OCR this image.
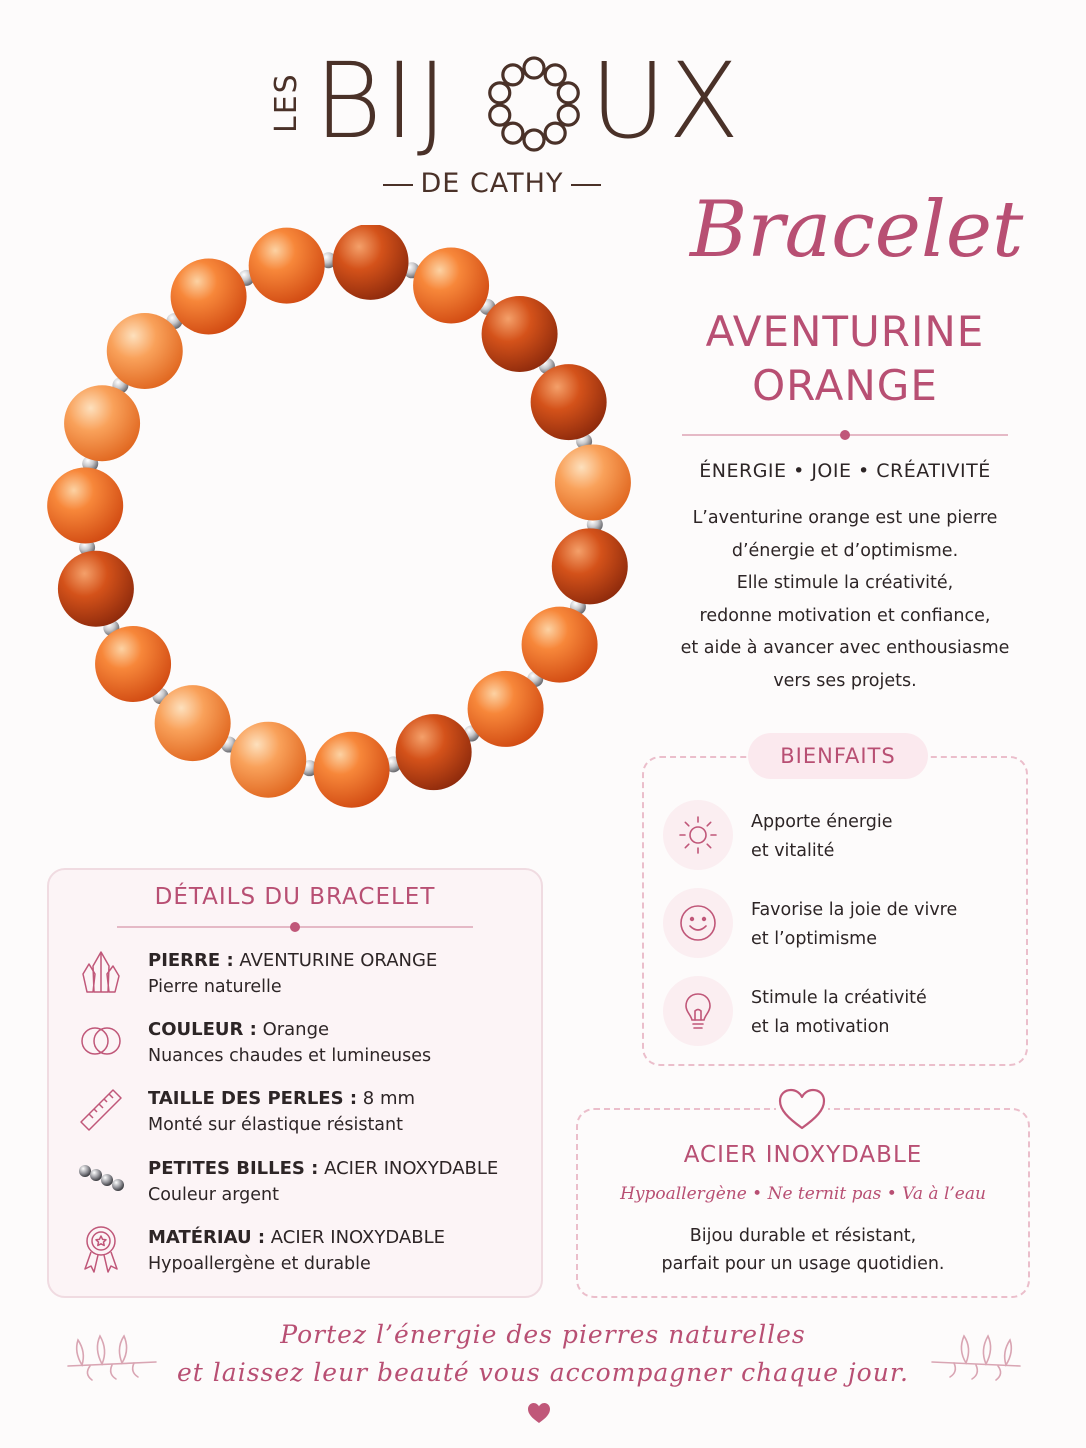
LES BIJ UX
DE CATHY
Bracelet
AVENTURINE
ORANGE
ÉNERGIE • JOIE • CRÉATIVITÉ
L’aventurine orange est une pierre
d’énergie et d’optimisme.
Elle stimule la créativité,
redonne motivation et confiance,
et aide à avancer avec enthousiasme
vers ses projets.
BIENFAITS
Apporte énergie
et vitalité
Favorise la joie de vivre
et l’optimisme
Stimule la créativité
et la motivation
DÉTAILS DU BRACELET
PIERRE : AVENTURINE ORANGE
Pierre naturelle
COULEUR : Orange
Nuances chaudes et lumineuses
TAILLE DES PERLES : 8 mm
Monté sur élastique résistant
PETITES BILLES : ACIER INOXYDABLE
Couleur argent
MATÉRIAU : ACIER INOXYDABLE
Hypoallergène et durable
ACIER INOXYDABLE
Hypoallergène • Ne ternit pas • Va à l’eau
Bijou durable et résistant,
parfait pour un usage quotidien.
Portez l’énergie des pierres naturelles
et laissez leur beauté vous accompagner chaque jour.
